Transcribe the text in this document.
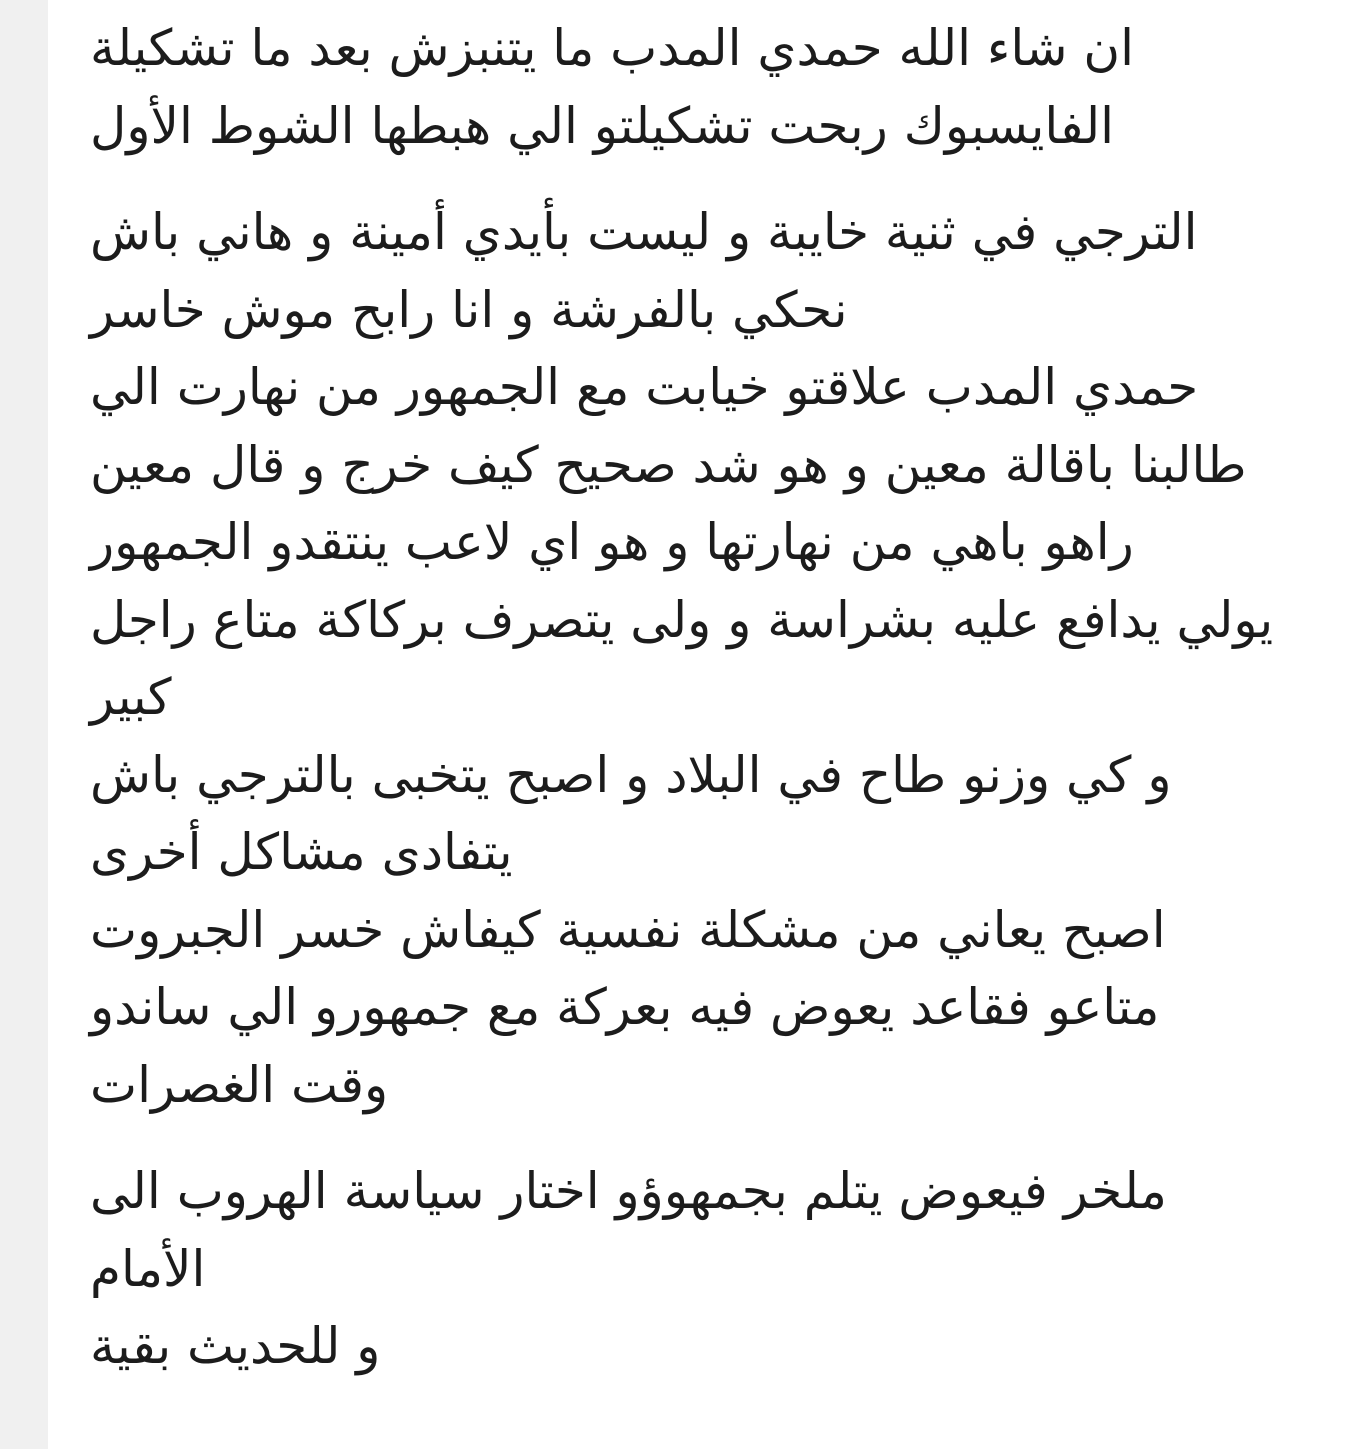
ان شاء الله حمدي المدب ما يتنبزش بعد ما تشكيلة
الفايسبوك ربحت تشكيلتو الي هبطها الشوط الأول
الترجي في ثنية خايبة و ليست بأيدي أمينة و هاني باش
نحكي بالفرشة و انا رابح موش خاسر
حمدي المدب علاقتو خيابت مع الجمهور من نهارت الي
طالبنا باقالة معين و هو شد صحيح كيف خرج و قال معين
راهو باهي من نهارتها و هو اي لاعب ينتقدو الجمهور
يولي يدافع عليه بشراسة و ولى يتصرف بركاكة متاع راجل
كبير
و كي وزنو طاح في البلاد و اصبح يتخبى بالترجي باش
يتفادى مشاكل أخرى
اصبح يعاني من مشكلة نفسية كيفاش خسر الجبروت
متاعو فقاعد يعوض فيه بعركة مع جمهورو الي ساندو
وقت الغصرات
ملخر فيعوض يتلم بجمهوؤو اختار سياسة الهروب الى
الأمام
و للحديث بقية
